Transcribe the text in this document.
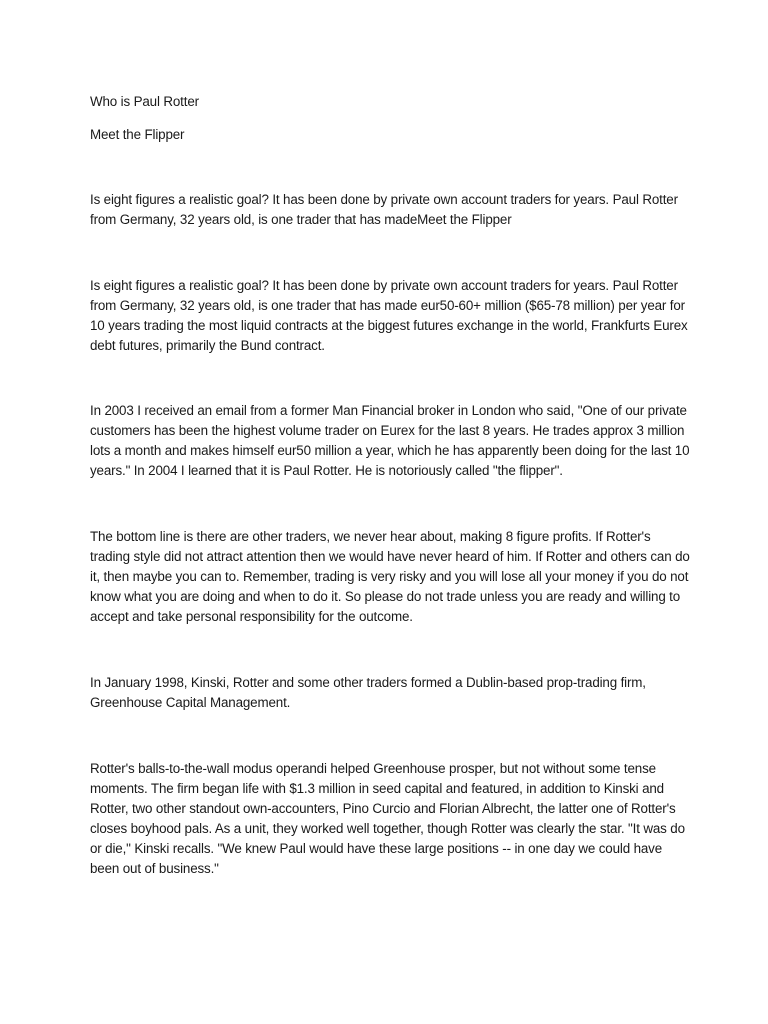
Who is Paul Rotter

Meet the Flipper

Is eight figures a realistic goal? It has been done by private own account traders for years. Paul Rotter from Germany, 32 years old, is one trader that has madeMeet the Flipper

Is eight figures a realistic goal? It has been done by private own account traders for years. Paul Rotter from Germany, 32 years old, is one trader that has made eur50-60+ million ($65-78 million) per year for 10 years trading the most liquid contracts at the biggest futures exchange in the world, Frankfurts Eurex debt futures, primarily the Bund contract.

In 2003 I received an email from a former Man Financial broker in London who said, "One of our private customers has been the highest volume trader on Eurex for the last 8 years. He trades approx 3 million lots a month and makes himself eur50 million a year, which he has apparently been doing for the last 10 years." In 2004 I learned that it is Paul Rotter. He is notoriously called "the flipper".

The bottom line is there are other traders, we never hear about, making 8 figure profits. If Rotter's trading style did not attract attention then we would have never heard of him. If Rotter and others can do it, then maybe you can to. Remember, trading is very risky and you will lose all your money if you do not know what you are doing and when to do it. So please do not trade unless you are ready and willing to accept and take personal responsibility for the outcome.

In January 1998, Kinski, Rotter and some other traders formed a Dublin-based prop-trading firm, Greenhouse Capital Management.

Rotter's balls-to-the-wall modus operandi helped Greenhouse prosper, but not without some tense moments. The firm began life with $1.3 million in seed capital and featured, in addition to Kinski and Rotter, two other standout own-accounters, Pino Curcio and Florian Albrecht, the latter one of Rotter's closes boyhood pals. As a unit, they worked well together, though Rotter was clearly the star. "It was do or die," Kinski recalls. "We knew Paul would have these large positions -- in one day we could have been out of business."
